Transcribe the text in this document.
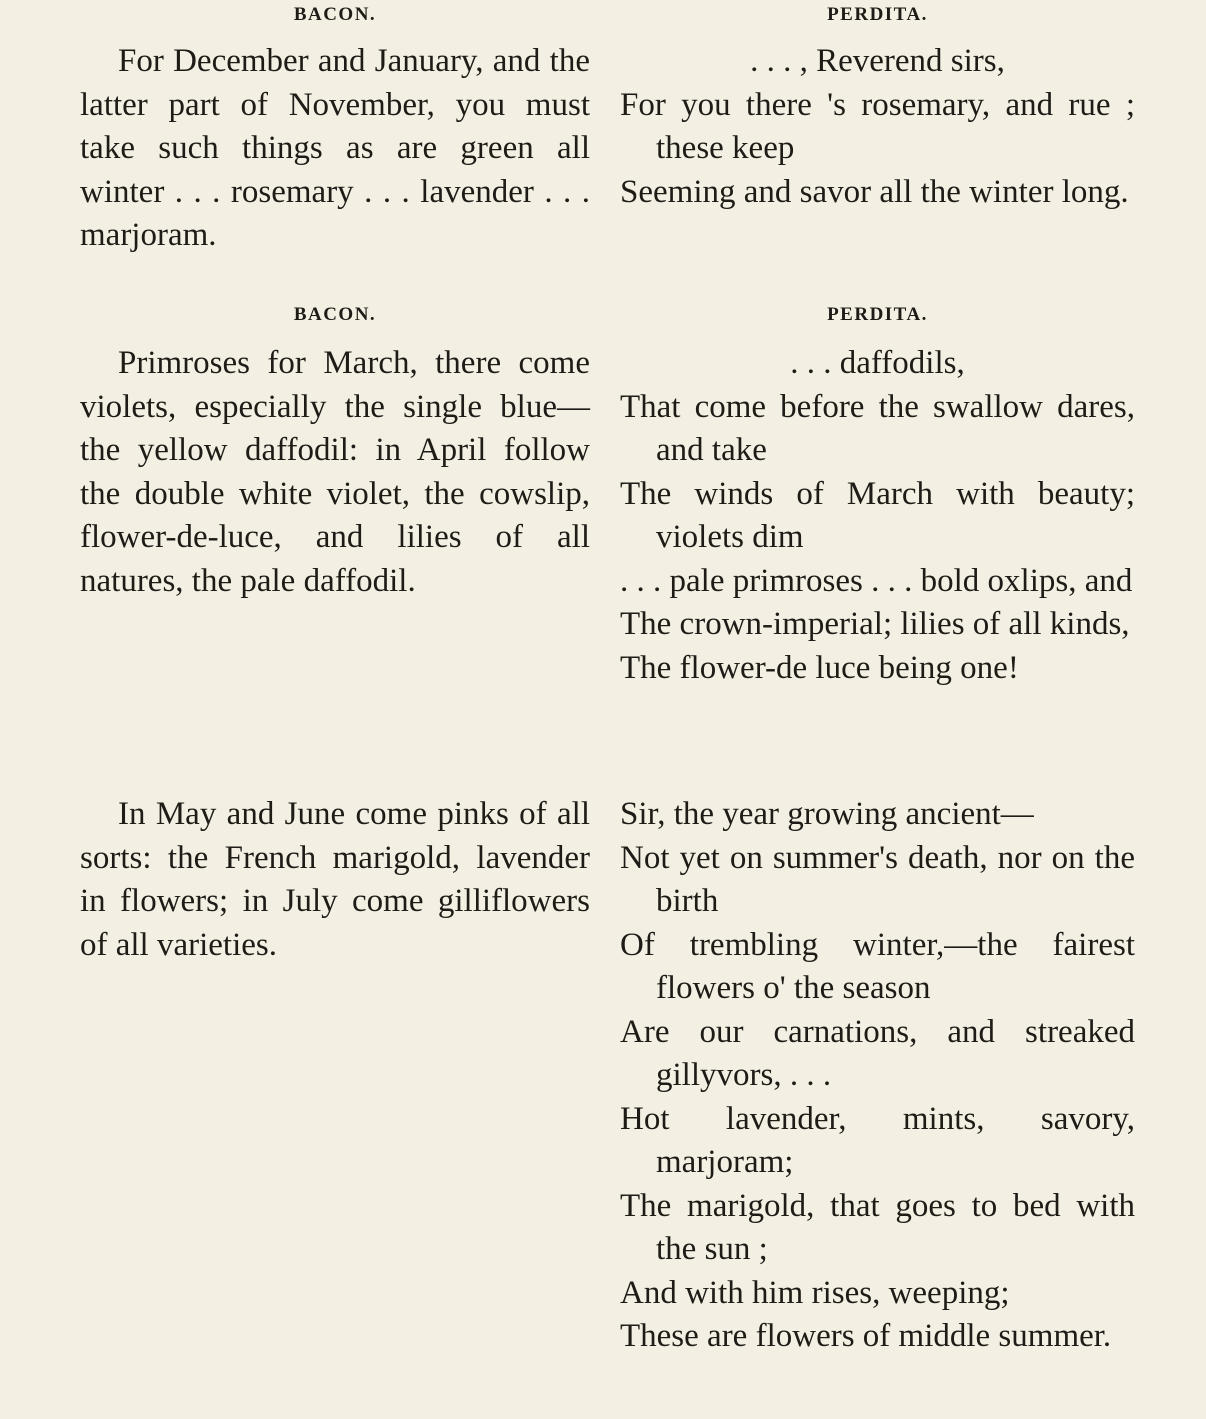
BACON.

For December and January, and the latter part of November, you must take such things as are green all winter . . . rosemary . . . lavender . . . marjoram.

BACON.

Primroses for March, there come violets, especially the single blue—the yellow daffodil: in April follow the double white violet, the cowslip, flower-de-luce, and lilies of all natures, the pale daffodil.

In May and June come pinks of all sorts: the French marigold, lavender in flowers; in July come gilliflowers of all varieties.

PERDITA.
. . . , Reverend sirs,
For you there 's rosemary, and rue ; these keep
Seeming and savor all the winter long.
PERDITA.
. . . daffodils,
That come before the swallow dares, and take
The winds of March with beauty; violets dim
. . . pale primroses . . . bold oxlips, and
The crown-imperial; lilies of all kinds,
The flower-de luce being one!
Sir, the year growing ancient—
Not yet on summer's death, nor on the birth
Of trembling winter,—the fairest flowers o' the season
Are our carnations, and streaked gillyvors, . . .
Hot lavender, mints, savory, marjoram;
The marigold, that goes to bed with the sun ;
And with him rises, weeping;
These are flowers of middle summer.
